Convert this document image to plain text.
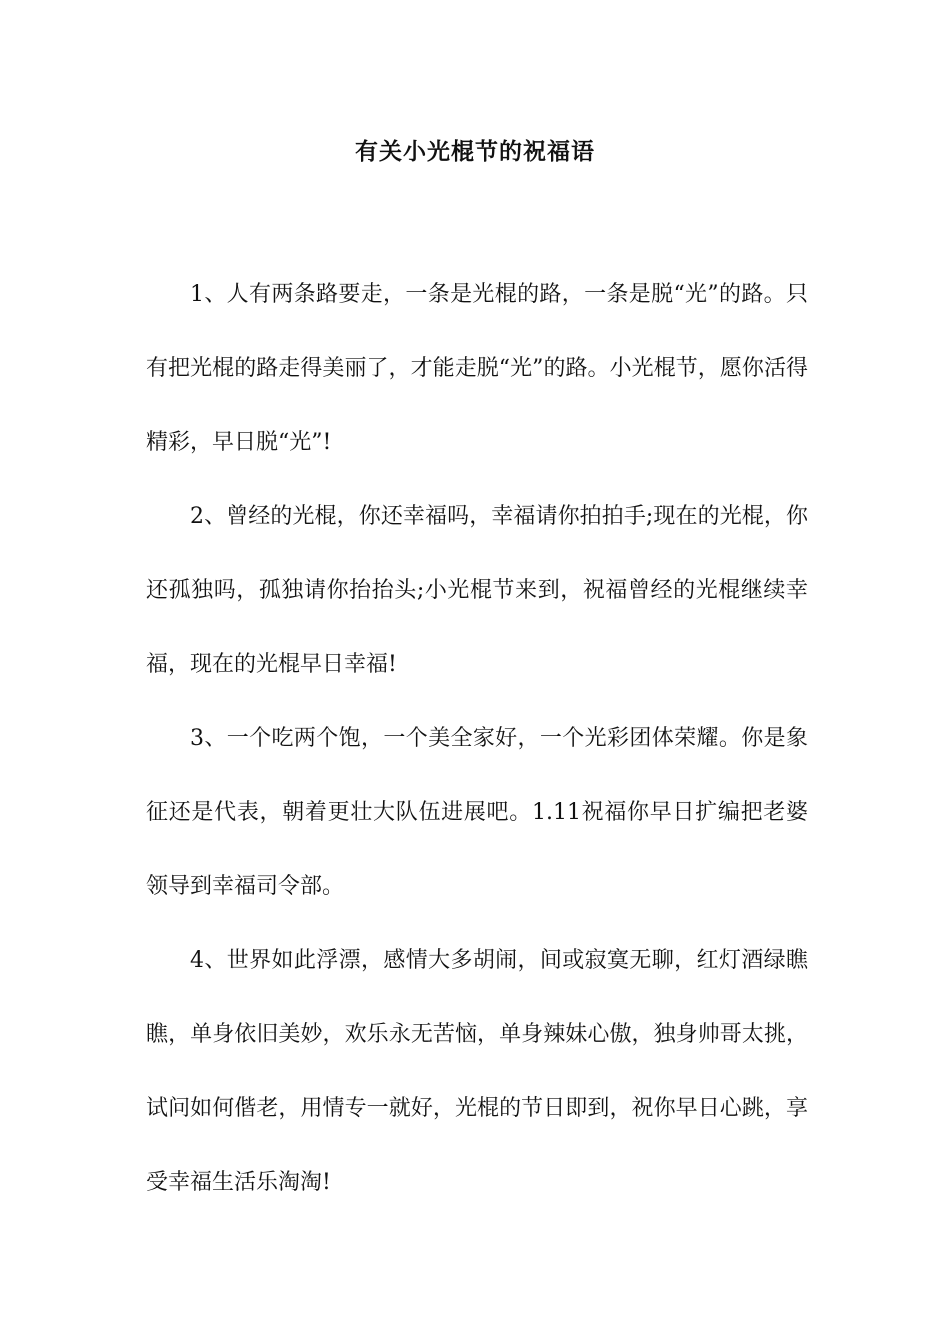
有关小光棍节的祝福语

1、人有两条路要走，一条是光棍的路，一条是脱“光”的路。只有把光棍的路走得美丽了，才能走脱“光”的路。小光棍节，愿你活得精彩，早日脱“光”!

2、曾经的光棍，你还幸福吗，幸福请你拍拍手;现在的光棍，你还孤独吗，孤独请你抬抬头;小光棍节来到，祝福曾经的光棍继续幸福，现在的光棍早日幸福!

3、一个吃两个饱，一个美全家好，一个光彩团体荣耀。你是象征还是代表，朝着更壮大队伍进展吧。1.11祝福你早日扩编把老婆领导到幸福司令部。

4、世界如此浮漂，感情大多胡闹，间或寂寞无聊，红灯酒绿瞧瞧，单身依旧美妙，欢乐永无苦恼，单身辣妹心傲，独身帅哥太挑，试问如何偕老，用情专一就好，光棍的节日即到，祝你早日心跳，享受幸福生活乐淘淘!
